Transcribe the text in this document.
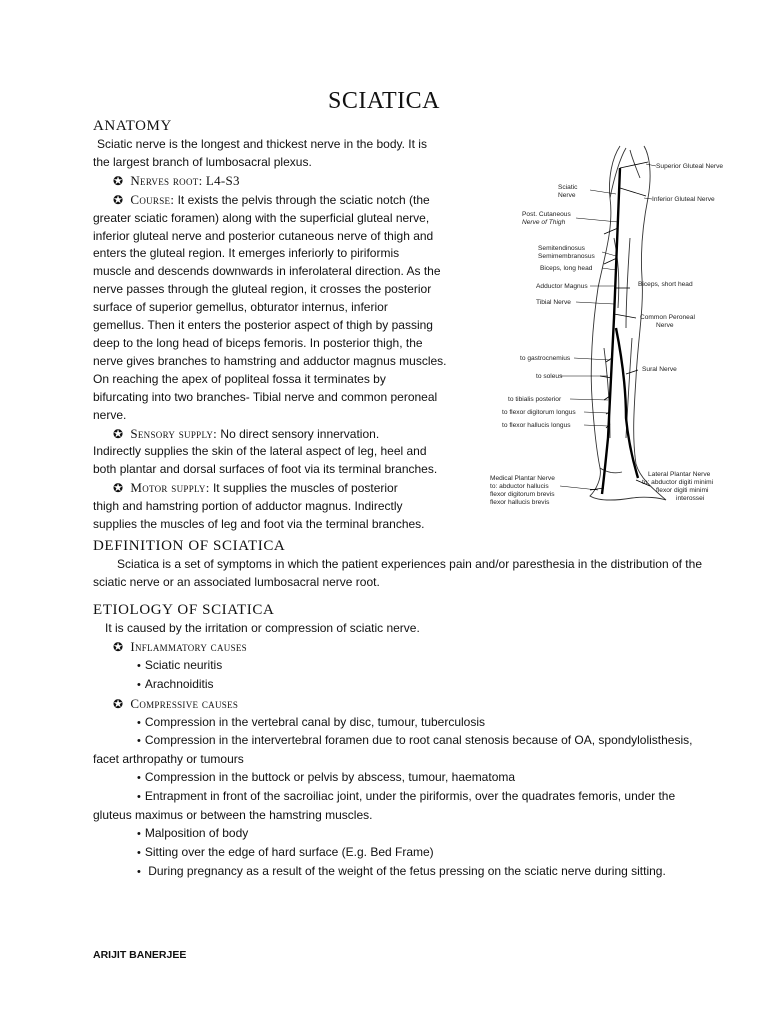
SCIATICA
ANATOMY
Sciatic nerve is the longest and thickest nerve in the body. It is
the largest branch of lumbosacral plexus.
✪ Nerves root: L4-S3
✪ Course: It exists the pelvis through the sciatic notch (the
greater sciatic foramen) along with the superficial gluteal nerve,
inferior gluteal nerve and posterior cutaneous nerve of thigh and
enters the gluteal region. It emerges inferiorly to piriformis
muscle and descends downwards in inferolateral direction. As the
nerve passes through the gluteal region, it crosses the posterior
surface of superior gemellus, obturator internus, inferior
gemellus. Then it enters the posterior aspect of thigh by passing
deep to the long head of biceps femoris. In posterior thigh, the
nerve gives branches to hamstring and adductor magnus muscles.
On reaching the apex of popliteal fossa it terminates by
bifurcating into two branches- Tibial nerve and common peroneal
nerve.
✪ Sensory supply: No direct sensory innervation.
Indirectly supplies the skin of the lateral aspect of leg, heel and
both plantar and dorsal surfaces of foot via its terminal branches.
✪ Motor supply: It supplies the muscles of posterior
thigh and hamstring portion of adductor magnus. Indirectly
supplies the muscles of leg and foot via the terminal branches.
Sciatic
Nerve
Post. Cutaneous
Nerve of Thigh
Semitendinosus
Semimembranosus
Biceps, long head
Adductor Magnus
Tibial Nerve
to gastrocnemius
to soleus
to tibialis posterior
to flexor digitorum longus
to flexor hallucis longus
Medical Plantar Nerve
to: abductor hallucis
flexor digitorum brevis
flexor hallucis brevis
Superior Gluteal Nerve
Inferior Gluteal Nerve
Biceps, short head
Common Peroneal
Nerve
Sural Nerve
Lateral Plantar Nerve
to: abductor digiti minimi
flexor digiti minimi
interossei
DEFINITION OF SCIATICA
Sciatica is a set of symptoms in which the patient experiences pain and/or paresthesia in the distribution of the
sciatic nerve or an associated lumbosacral nerve root.
ETIOLOGY OF SCIATICA
It is caused by the irritation or compression of sciatic nerve.
✪ Inflammatory causes
• Sciatic neuritis
• Arachnoiditis
✪ Compressive causes
• Compression in the vertebral canal by disc, tumour, tuberculosis
• Compression in the intervertebral foramen due to root canal stenosis because of OA, spondylolisthesis,
facet arthropathy or tumours
• Compression in the buttock or pelvis by abscess, tumour, haematoma
• Entrapment in front of the sacroiliac joint, under the piriformis, over the quadrates femoris, under the
gluteus maximus or between the hamstring muscles.
• Malposition of body
• Sitting over the edge of hard surface (E.g. Bed Frame)
• During pregnancy as a result of the weight of the fetus pressing on the sciatic nerve during sitting.
ARIJIT BANERJEE
